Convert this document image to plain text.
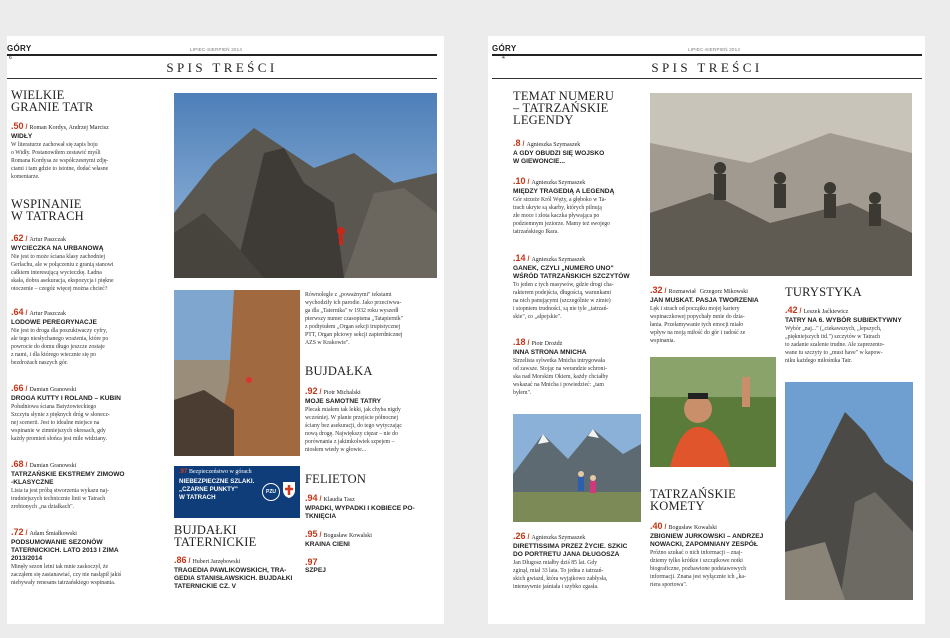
GÓRY
6
LIPIEC-SIERPIEŃ 2014
SPIS TREŚCI
WIELKIE
GRANIE TATR
.50 / Roman Kordys, Andrzej Marcisz
WIDŁY
W literaturze zachował się zapis boju
o Widły. Postanowiłem zestawić myśli
Romana Kordysa ze współczesnymi zdję-
ciami i tam gdzie to istotne, dodać własne
komentarze.
WSPINANIE
W TATRACH
.62 / Artur Paszczak
WYCIECZKA NA URBANOWĄ
Nie jest to może ściana klasy zachodniej
Gerlachu, ale w połączeniu z granią stanowi
całkiem interesującą wycieczkę. Ładna
skała, dobra asekuracja, ekspozycja i piękne
otoczenie – czegóż więcej można chcieć?
.64 / Artur Paszczak
LODOWE PEREGRYNACJE
Nie jest to droga dla poszukiwaczy cyfry,
ale tego niesłychanego wrażenia, które po
powrocie do domu długo jeszcze zostaje
z nami, i dla którego wiecznie się po
bezdrożach naszych gór.
.66 / Damian Granowski
DROGA KUTTY I ROLAND – KUBIN
Południowa ściana Batyżowieckiego
Szczytu słynie z pięknych dróg w słonecz-
nej scenerii. Jest to idealne miejsce na
wspinanie w zimniejszych okresach, gdy
każdy promień słońca jest mile widziany.
.68 / Damian Granowski
TATRZAŃSKIE EKSTREMY ZIMOWO
-KLASYCZNE
Lista ta jest próbą stworzenia wykazu naj-
trudniejszych technicznie linii w Tatrach
zrobionych „na działkach".
.72 / Adam Śmiałkowski
PODSUMOWANIE SEZONÓW
TATERNICKICH. LATO 2013 I ZIMA
2013/2014
Minęły sezon letni tak mnie zaskoczył, że
zacząłem się zastanawiać, czy nie nasłąpił jakiś
niebywały renesans tatrzańskiego wspinania.
Równolegle z „poważnymi" tekstami
wychodziły ich parodie. Jako przeciwwa-
ga dla „Taternika" w 1932 roku wyszedł
pierwszy numer czasopisma „Tatapiernik"
z podtytułem „Organ sekcji trupistycznej
PTT, Organ płciowy sekcji zapierdnicznej
AZS w Krakowie".
BUJDAŁKA
.92 / Piotr Michalski
MOJE SAMOTNE TATRY
Plecak miałem tak lekki, jak chyba nigdy
wcześniej. W planie przejście północnej
ściany bez asekuracji, do tego wytyczając
nową drogę. Największy cięzar – nie do
porównania z jakimkolwiek szpejem –
niosłem wtedy w głowie...
FELIETON
.94 / Klaudia Tasz
WPADKI, WYPADKI I KOBIECE PO-
TKNIĘCIA
.95 / Bogusław Kowalski
KRAINA CIENI
.97
SZPEJ
.97 Bezpieczeństwo w górach
NIEBEZPIECZNE SZLAKI.
„CZARNE PUNKTY"
W TATRACH
PZU
BUJDAŁKI
TATERNICKIE
.86 / Hubert Jarzębowski
TRAGEDIA PAWLIKOWSKICH, TRA-
GEDIA STANISŁAWSKICH. BUJDAŁKI
TATERNICKIE CZ. V
GÓRY
4
LIPIEC-SIERPIEŃ 2014
SPIS TREŚCI
TEMAT NUMERU
– TATRZAŃSKIE
LEGENDY
.8 / Agnieszka Szymaszek
A GDY OBUDZI SIĘ WOJSKO
W GIEWONCIE...
.10 / Agnieszka Szymaszek
MIĘDZY TRAGEDIĄ A LEGENDĄ
Gór strzeże Król Węży, a głęboko w Ta-
trach ukryte są skarby, których pilnują
złe moce i złota kaczka pływająca po
podziemnym jeziorze. Mamy też swojego
tatrzańskiego Ikara.
.14 / Agnieszka Szymaszek
GANEK, CZYLI „NUMERO UNO"
WŚRÓD TATRZAŃSKICH SZCZYTÓW
To jeden z tych masywów, gdzie drogi cha-
rakterem podejścia, długością, warunkami
na nich panującymi (szczególnie w zimie)
i stopniem trudności, są nie tyle „tatrzań-
skie", co „alpejskie".
.18 / Piotr Drożdż
INNA STRONA MNICHA
Strzelista sylwetka Mnicha intrygowała
od zawsze. Stojąc na werandzie schroni-
ska nad Morskim Okiem, każdy chciałby
wskazać na Mnicha i powiedzieć: „tam
byłem".
.32 / Rozmawiał Grzegorz Mikowski
JAN MUSKAT. PASJA TWORZENIA
Lęk i strach od początku mojej kariery
wspinaczkowej popychały mnie do dzia-
łania. Przełamywanie tych emocji miało
wpływ na moją miłość do gór i radość ze
wspinania.
.26 / Agnieszka Szymaszek
DIRETTISSIMA PRZEZ ŻYCIE. SZKIC
DO PORTRETU JANA DŁUGOSZA
Jan Długosz miałby dziś 85 lat. Gdy
zginął, miał 33 lata. To jedna z tatrzań-
skich gwiazd, która wyjątkowo zabłysła,
intensywnie jaśniała i szybko zgasła.
TATRZAŃSKIE
KOMETY
.40 / Bogusław Kowalski
ZBIGNIEW JURKOWSKI – ANDRZEJ
NOWACKI, ZAPOMNIANY ZESPÓŁ
Próżno szukać o nich informacji – znaj-
dziemy tylko krótkie i szczątkowe notki
biograficzne, pozbawione podstawowych
informacji. Znana jest wyłącznie ich „ka-
riera sportowa".
TURYSTYKA
.42 / Leszek Jaćkiewicz
TATRY NA 6. WYBÓR SUBIEKTYWNY
Wybór „naj..." („ciekawszych, „lepszych,
„piękniejszych itd.") szczytów w Tatrach
to zadanie szalenie trudne. Ale zaprezento-
wane tu szczyty to „must have" w kapow-
niku każdego miłośnika Tatr.
